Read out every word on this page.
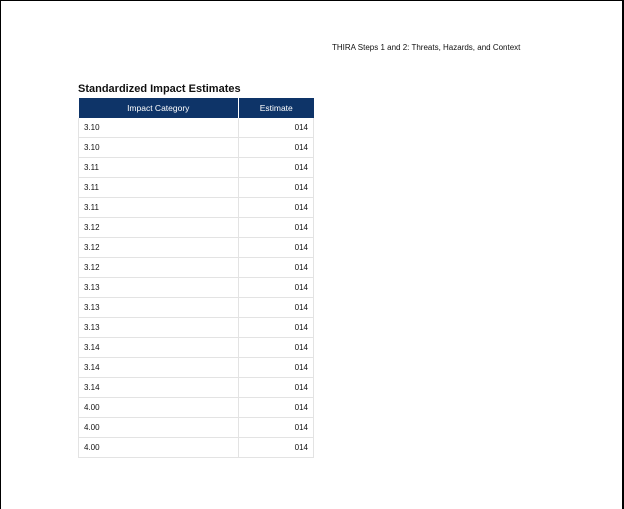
THIRA Steps 1 and 2: Threats, Hazards, and Context
Standardized Impact Estimates
Impact Category	Estimate
3.10	014
3.10	014
3.11	014
3.11	014
3.11	014
3.12	014
3.12	014
3.12	014
3.13	014
3.13	014
3.13	014
3.14	014
3.14	014
3.14	014
4.00	014
4.00	014
4.00	014
